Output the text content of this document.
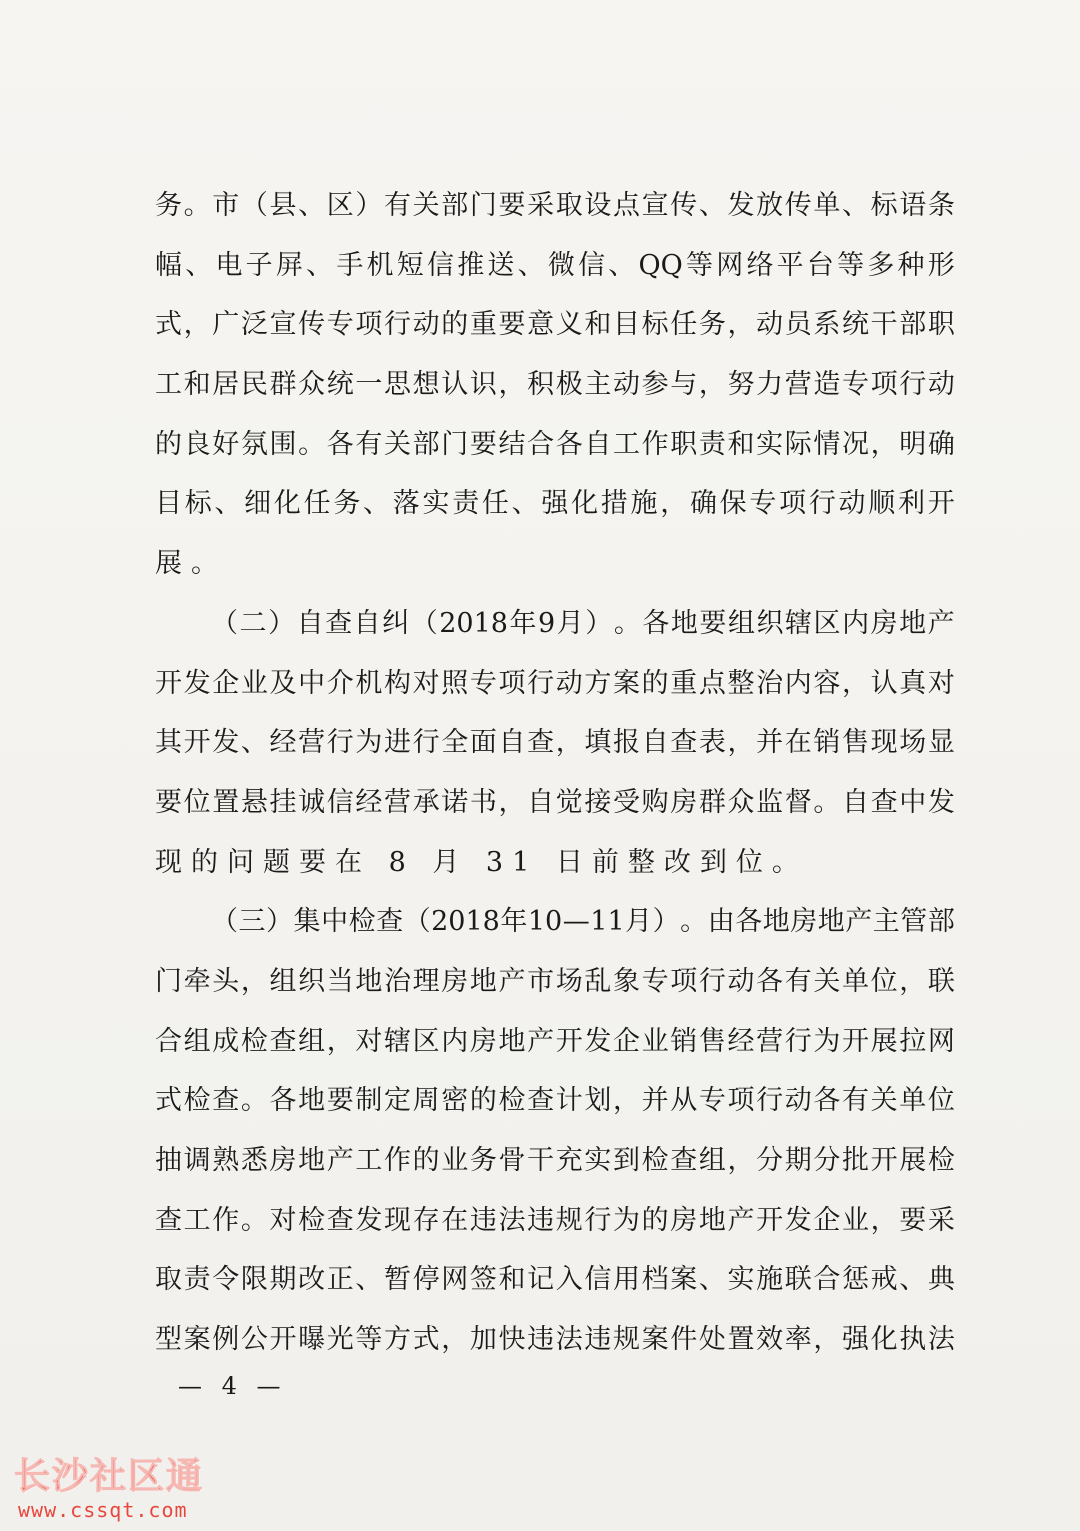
务 。 市 （ 县 、 区 ） 有 关 部 门 要 采 取 设 点 宣 传 、 发 放 传 单 、 标 语 条
幅 、 电 子 屏 、 手 机 短 信 推 送 、 微 信 、 QQ 等 网 络 平 台 等 多 种 形
式 ， 广 泛 宣 传 专 项 行 动 的 重 要 意 义 和 目 标 任 务 ， 动 员 系 统 干 部 职
工 和 居 民 群 众 统 一 思 想 认 识 ， 积 极 主 动 参 与 ， 努 力 营 造 专 项 行 动
的 良 好 氛 围 。 各 有 关 部 门 要 结 合 各 自 工 作 职 责 和 实 际 情 况 ， 明 确
目 标 、 细 化 任 务 、 落 实 责 任 、 强 化 措 施 ， 确 保 专 项 行 动 顺 利 开
展。
（ 二 ） 自 查 自 纠 （ 2018 年 9 月 ） 。 各 地 要 组 织 辖 区 内 房 地 产
开 发 企 业 及 中 介 机 构 对 照 专 项 行 动 方 案 的 重 点 整 治 内 容 ， 认 真 对
其 开 发 、 经 营 行 为 进 行 全 面 自 查 ， 填 报 自 查 表 ， 并 在 销 售 现 场 显
要 位 置 悬 挂 诚 信 经 营 承 诺 书 ， 自 觉 接 受 购 房 群 众 监 督 。 自 查 中 发
现的问题要在 8 月 31 日前整改到位。
（ 三 ） 集 中 检 查 （ 2018 年 10 — 11 月 ） 。 由 各 地 房 地 产 主 管 部
门 牵 头 ， 组 织 当 地 治 理 房 地 产 市 场 乱 象 专 项 行 动 各 有 关 单 位 ， 联
合 组 成 检 查 组 ， 对 辖 区 内 房 地 产 开 发 企 业 销 售 经 营 行 为 开 展 拉 网
式 检 查 。 各 地 要 制 定 周 密 的 检 查 计 划 ， 并 从 专 项 行 动 各 有 关 单 位
抽 调 熟 悉 房 地 产 工 作 的 业 务 骨 干 充 实 到 检 查 组 ， 分 期 分 批 开 展 检
查 工 作 。 对 检 查 发 现 存 在 违 法 违 规 行 为 的 房 地 产 开 发 企 业 ， 要 采
取 责 令 限 期 改 正 、 暂 停 网 签 和 记 入 信 用 档 案 、 实 施 联 合 惩 戒 、 典
型 案 例 公 开 曝 光 等 方 式 ， 加 快 违 法 违 规 案 件 处 置 效 率 ， 强 化 执 法
— 4 —
长沙社区通
www.cssqt.com
